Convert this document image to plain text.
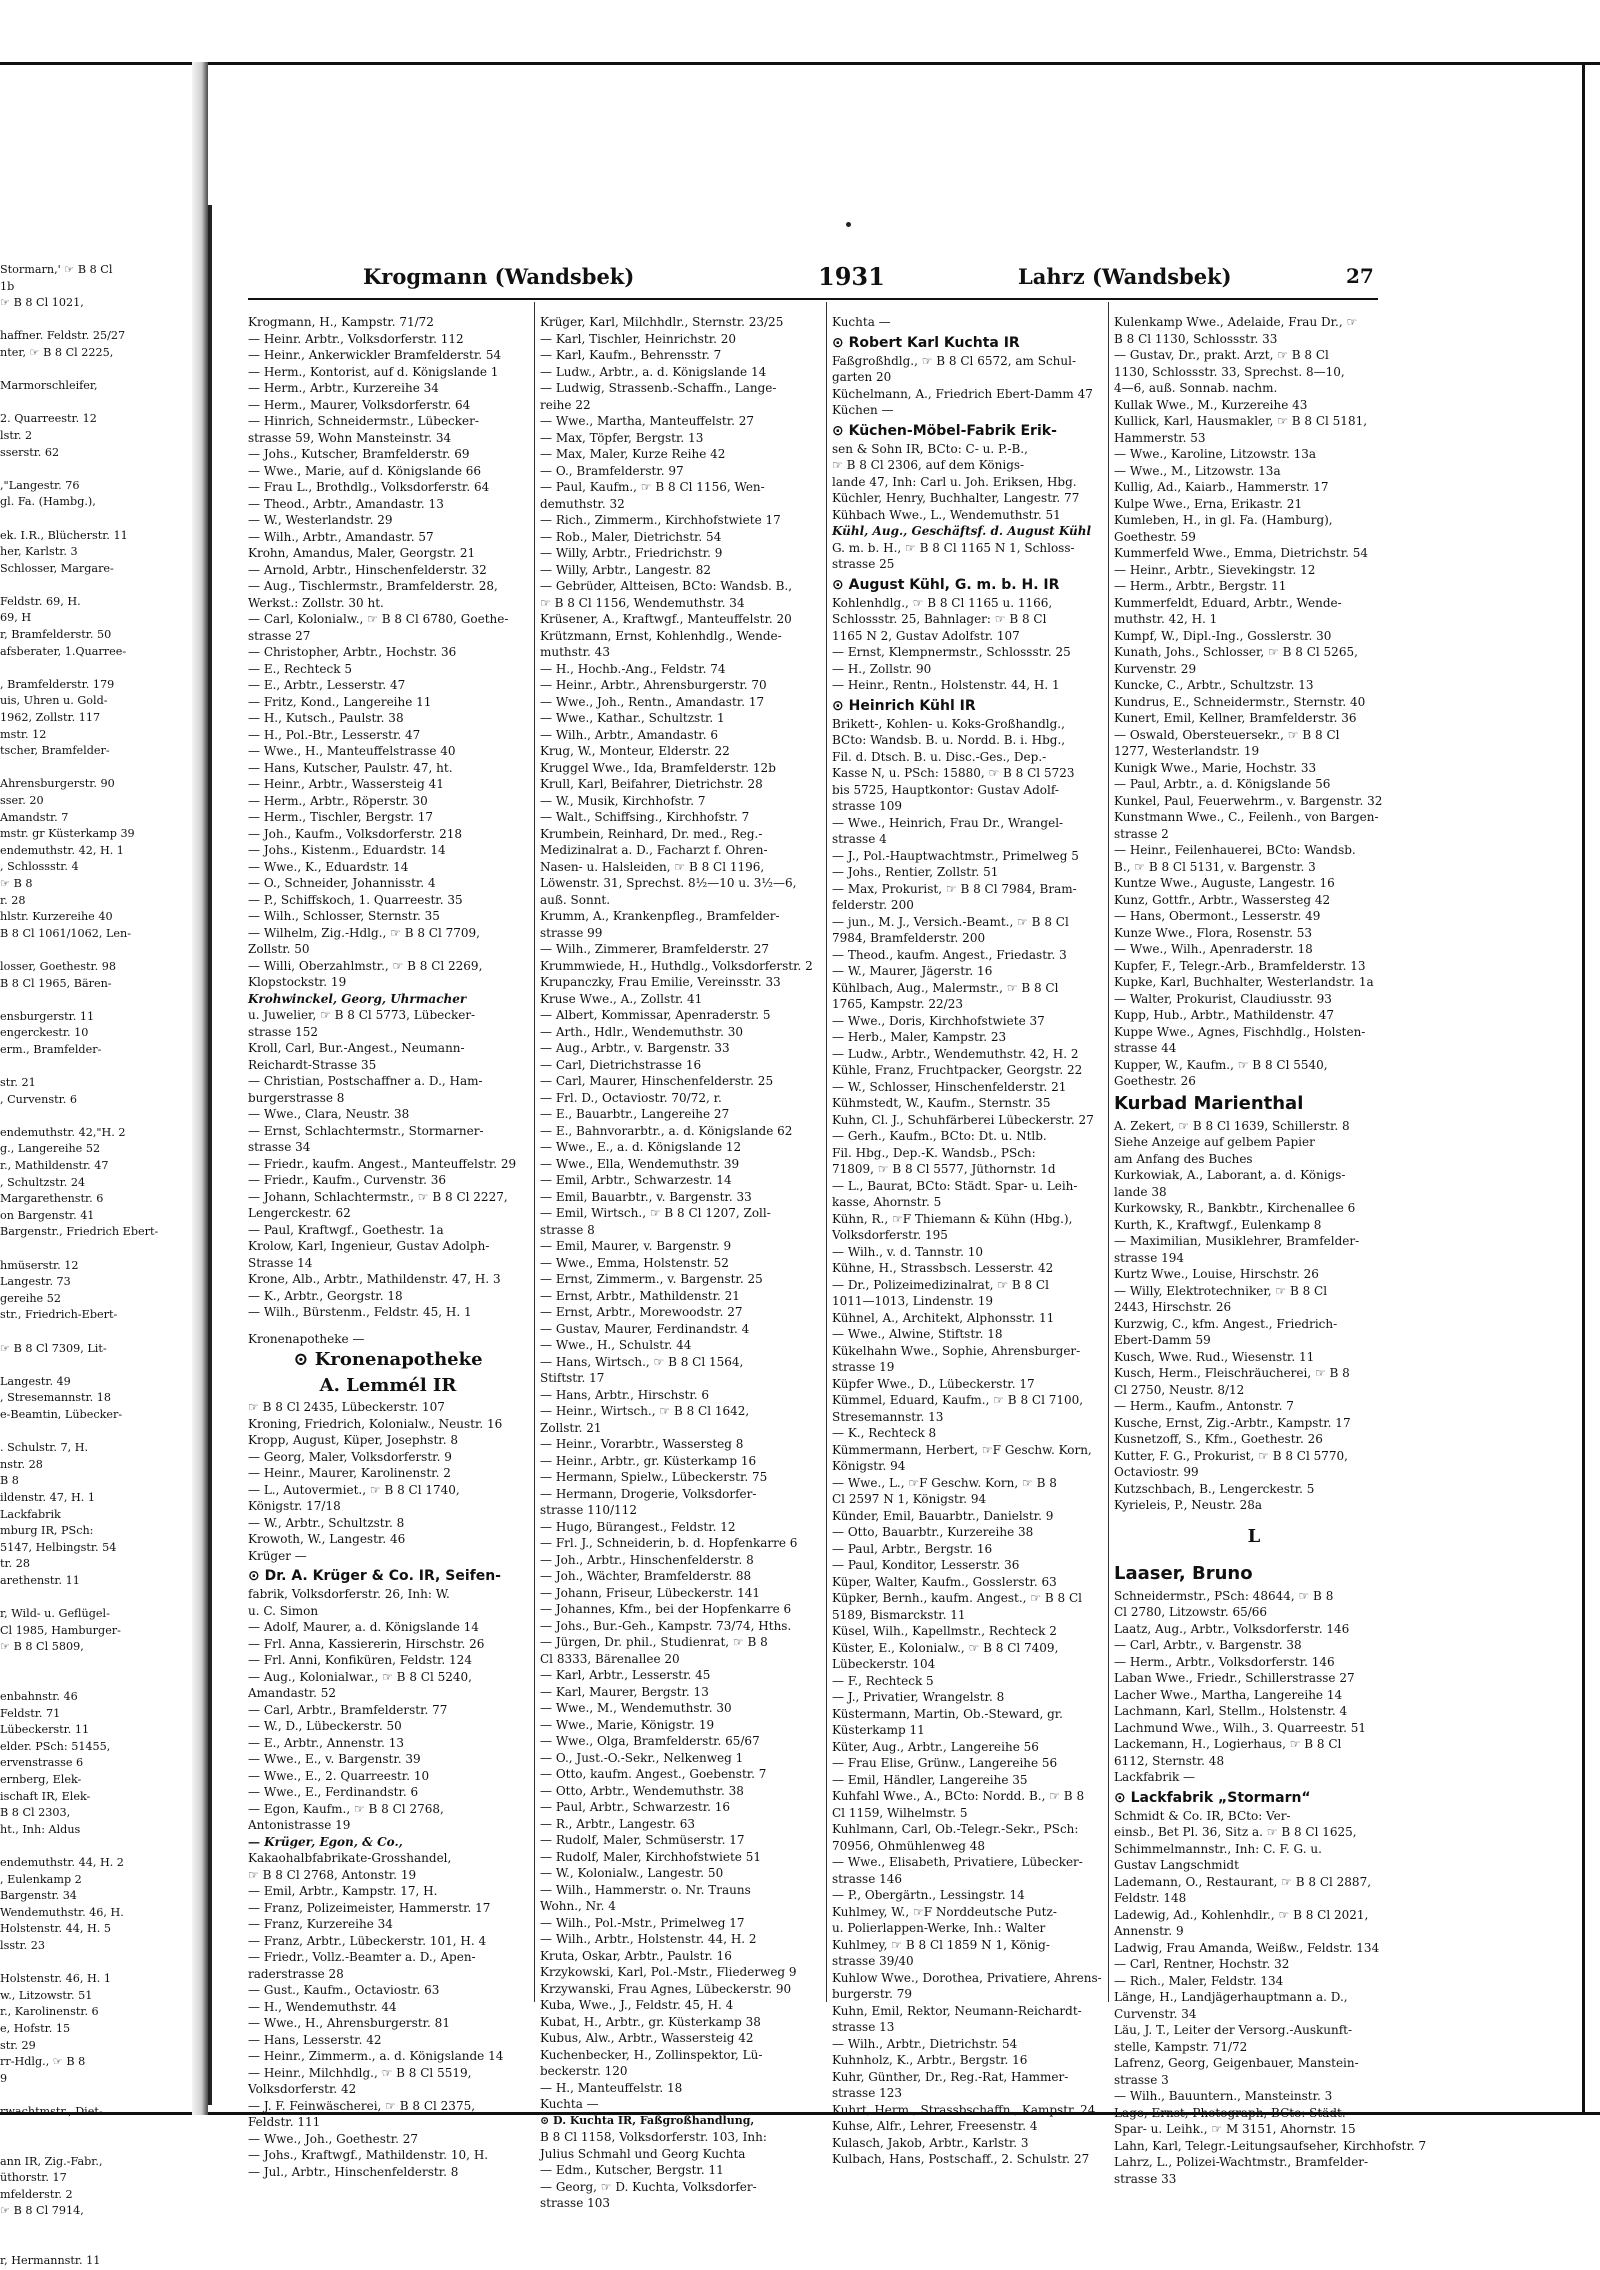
Stormarn,' ☞ B 8 Cl
1b
☞ B 8 Cl 1021,

haffner. Feldstr. 25/27
nter, ☞ B 8 Cl 2225,

Marmorschleifer,

2. Quarreestr. 12
lstr. 2
sserstr. 62

,"Langestr. 76
gl. Fa. (Hambg.),

ek. I.R., Blücherstr. 11
her, Karlstr. 3
Schlosser, Margare-

Feldstr. 69, H.
69, H
r, Bramfelderstr. 50
afsberater, 1.Quarree-

, Bramfelderstr. 179
uis, Uhren u. Gold-
1962, Zollstr. 117
mstr. 12
tscher, Bramfelder-

Ahrensburgerstr. 90
sser. 20
Amandstr. 7
mstr. gr Küsterkamp 39
endemuthstr. 42, H. 1
, Schlossstr. 4
☞ B 8
r. 28
hlstr. Kurzereihe 40
B 8 Cl 1061/1062, Len-

losser, Goethestr. 98
B 8 Cl 1965, Bären-

ensburgerstr. 11
engerckestr. 10
erm., Bramfelder-

str. 21
, Curvenstr. 6

endemuthstr. 42,"H. 2
g., Langereihe 52
r., Mathildenstr. 47
, Schultzstr. 24
Margarethenstr. 6
on Bargenstr. 41
Bargenstr., Friedrich Ebert-

hmüserstr. 12
Langestr. 73
gereihe 52
str., Friedrich-Ebert-

☞ B 8 Cl 7309, Lit-

Langestr. 49
, Stresemannstr. 18
e-Beamtin, Lübecker-

. Schulstr. 7, H.
nstr. 28
B 8
ildenstr. 47, H. 1
Lackfabrik
mburg IR, PSch:
5147, Helbingstr. 54
tr. 28
arethenstr. 11

r, Wild- u. Geflügel-
Cl 1985, Hamburger-
☞ B 8 Cl 5809,

enbahnstr. 46
Feldstr. 71
Lübeckerstr. 11
elder. PSch: 51455,
ervenstrasse 6
ernberg, Elek-
ischaft IR, Elek-
B 8 Cl 2303,
ht., Inh: Aldus

endemuthstr. 44, H. 2
, Eulenkamp 2
Bargenstr. 34
Wendemuthstr. 46, H.
Holstenstr. 44, H. 5
lsstr. 23

Holstenstr. 46, H. 1
w., Litzowstr. 51
r., Karolinenstr. 6
e, Hofstr. 15
str. 29
rr-Hdlg., ☞ B 8
9

rwachtmstr., Diet-

ann IR, Zig.-Fabr.,
üthorstr. 17
mfelderstr. 2
☞ B 8 Cl 7914,

r, Hermannstr. 11
Krogmann (Wandsbek)	1931	Lahrz (Wandsbek)	27
Krogmann, H., Kampstr. 71/72
— Heinr. Arbtr., Volksdorferstr. 112
— Heinr., Ankerwickler Bramfelderstr. 54
— Herm., Kontorist, auf d. Königslande 1
— Herm., Arbtr., Kurzereihe 34
— Herm., Maurer, Volksdorferstr. 64
— Hinrich, Schneidermstr., Lübecker-
strasse 59, Wohn Mansteinstr. 34
— Johs., Kutscher, Bramfelderstr. 69
— Wwe., Marie, auf d. Königslande 66
— Frau L., Brothdlg., Volksdorferstr. 64
— Theod., Arbtr., Amandastr. 13
— W., Westerlandstr. 29
— Wilh., Arbtr., Amandastr. 57
Krohn, Amandus, Maler, Georgstr. 21
— Arnold, Arbtr., Hinschenfelderstr. 32
— Aug., Tischlermstr., Bramfelderstr. 28,
Werkst.: Zollstr. 30 ht.
— Carl, Kolonialw., ☞ B 8 Cl 6780, Goethe-
strasse 27
— Christopher, Arbtr., Hochstr. 36
— E., Rechteck 5
— E., Arbtr., Lesserstr. 47
— Fritz, Kond., Langereihe 11
— H., Kutsch., Paulstr. 38
— H., Pol.-Btr., Lesserstr. 47
— Wwe., H., Manteuffelstrasse 40
— Hans, Kutscher, Paulstr. 47, ht.
— Heinr., Arbtr., Wassersteig 41
— Herm., Arbtr., Röperstr. 30
— Herm., Tischler, Bergstr. 17
— Joh., Kaufm., Volksdorferstr. 218
— Johs., Kistenm., Eduardstr. 14
— Wwe., K., Eduardstr. 14
— O., Schneider, Johannisstr. 4
— P., Schiffskoch, 1. Quarreestr. 35
— Wilh., Schlosser, Sternstr. 35
— Wilhelm, Zig.-Hdlg., ☞ B 8 Cl 7709,
Zollstr. 50
— Willi, Oberzahlmstr., ☞ B 8 Cl 2269,
Klopstockstr. 19
Krohwinckel, Georg, Uhrmacher
u. Juwelier, ☞ B 8 Cl 5773, Lübecker-
strasse 152
Kroll, Carl, Bur.-Angest., Neumann-
Reichardt-Strasse 35
— Christian, Postschaffner a. D., Ham-
burgerstrasse 8
— Wwe., Clara, Neustr. 38
— Ernst, Schlachtermstr., Stormarner-
strasse 34
— Friedr., kaufm. Angest., Manteuffelstr. 29
— Friedr., Kaufm., Curvenstr. 36
— Johann, Schlachtermstr., ☞ B 8 Cl 2227,
Lengerckestr. 62
— Paul, Kraftwgf., Goethestr. 1a
Krolow, Karl, Ingenieur, Gustav Adolph-
Strasse 14
Krone, Alb., Arbtr., Mathildenstr. 47, H. 3
— K., Arbtr., Georgstr. 18
— Wilh., Bürstenm., Feldstr. 45, H. 1
Kronenapotheke —
⊙ Kronenapotheke
A. Lemmél IR
☞ B 8 Cl 2435, Lübeckerstr. 107
Kroning, Friedrich, Kolonialw., Neustr. 16
Kropp, August, Küper, Josephstr. 8
— Georg, Maler, Volksdorferstr. 9
— Heinr., Maurer, Karolinenstr. 2
— L., Autovermiet., ☞ B 8 Cl 1740,
Königstr. 17/18
— W., Arbtr., Schultzstr. 8
Krowoth, W., Langestr. 46
Krüger —
⊙ Dr. A. Krüger & Co. IR, Seifen-
fabrik, Volksdorferstr. 26, Inh: W.
u. C. Simon
— Adolf, Maurer, a. d. Königslande 14
— Frl. Anna, Kassiererin, Hirschstr. 26
— Frl. Anni, Konfiküren, Feldstr. 124
— Aug., Kolonialwar., ☞ B 8 Cl 5240,
Amandastr. 52
— Carl, Arbtr., Bramfelderstr. 77
— W., D., Lübeckerstr. 50
— E., Arbtr., Annenstr. 13
— Wwe., E., v. Bargenstr. 39
— Wwe., E., 2. Quarreestr. 10
— Wwe., E., Ferdinandstr. 6
— Egon, Kaufm., ☞ B 8 Cl 2768,
Antonistrasse 19
— Krüger, Egon, & Co.,
Kakaohalbfabrikate-Grosshandel,
☞ B 8 Cl 2768, Antonstr. 19
— Emil, Arbtr., Kampstr. 17, H.
— Franz, Polizeimeister, Hammerstr. 17
— Franz, Kurzereihe 34
— Franz, Arbtr., Lübeckerstr. 101, H. 4
— Friedr., Vollz.-Beamter a. D., Apen-
raderstrasse 28
— Gust., Kaufm., Octaviostr. 63
— H., Wendemuthstr. 44
— Wwe., H., Ahrensburgerstr. 81
— Hans, Lesserstr. 42
— Heinr., Zimmerm., a. d. Königslande 14
— Heinr., Milchhdlg., ☞ B 8 Cl 5519,
Volksdorferstr. 42
— J. F. Feinwäscherei, ☞ B 8 Cl 2375,
Feldstr. 111
— Wwe., Joh., Goethestr. 27
— Johs., Kraftwgf., Mathildenstr. 10, H.
— Jul., Arbtr., Hinschenfelderstr. 8
Krüger, Karl, Milchhdlr., Sternstr. 23/25
— Karl, Tischler, Heinrichstr. 20
— Karl, Kaufm., Behrensstr. 7
— Ludw., Arbtr., a. d. Königslande 14
— Ludwig, Strassenb.-Schaffn., Lange-
reihe 22
— Wwe., Martha, Manteuffelstr. 27
— Max, Töpfer, Bergstr. 13
— Max, Maler, Kurze Reihe 42
— O., Bramfelderstr. 97
— Paul, Kaufm., ☞ B 8 Cl 1156, Wen-
demuthstr. 32
— Rich., Zimmerm., Kirchhofstwiete 17
— Rob., Maler, Dietrichstr. 54
— Willy, Arbtr., Friedrichstr. 9
— Willy, Arbtr., Langestr. 82
— Gebrüder, Altteisen, BCto: Wandsb. B.,
☞ B 8 Cl 1156, Wendemuthstr. 34
Krüsener, A., Kraftwgf., Manteuffelstr. 20
Krützmann, Ernst, Kohlenhdlg., Wende-
muthstr. 43
— H., Hochb.-Ang., Feldstr. 74
— Heinr., Arbtr., Ahrensburgerstr. 70
— Wwe., Joh., Rentn., Amandastr. 17
— Wwe., Kathar., Schultzstr. 1
— Wilh., Arbtr., Amandastr. 6
Krug, W., Monteur, Elderstr. 22
Kruggel Wwe., Ida, Bramfelderstr. 12b
Krull, Karl, Beifahrer, Dietrichstr. 28
— W., Musik, Kirchhofstr. 7
— Walt., Schiffsing., Kirchhofstr. 7
Krumbein, Reinhard, Dr. med., Reg.-
Medizinalrat a. D., Facharzt f. Ohren-
Nasen- u. Halsleiden, ☞ B 8 Cl 1196,
Löwenstr. 31, Sprechst. 8½—10 u. 3½—6,
auß. Sonnt.
Krumm, A., Krankenpfleg., Bramfelder-
strasse 99
— Wilh., Zimmerer, Bramfelderstr. 27
Krummwiede, H., Huthdlg., Volksdorferstr. 2
Krupanczky, Frau Emilie, Vereinsstr. 33
Kruse Wwe., A., Zollstr. 41
— Albert, Kommissar, Apenraderstr. 5
— Arth., Hdlr., Wendemuthstr. 30
— Aug., Arbtr., v. Bargenstr. 33
— Carl, Dietrichstrasse 16
— Carl, Maurer, Hinschenfelderstr. 25
— Frl. D., Octaviostr. 70/72, r.
— E., Bauarbtr., Langereihe 27
— E., Bahnvorarbtr., a. d. Königslande 62
— Wwe., E., a. d. Königslande 12
— Wwe., Ella, Wendemuthstr. 39
— Emil, Arbtr., Schwarzestr. 14
— Emil, Bauarbtr., v. Bargenstr. 33
— Emil, Wirtsch., ☞ B 8 Cl 1207, Zoll-
strasse 8
— Emil, Maurer, v. Bargenstr. 9
— Wwe., Emma, Holstenstr. 52
— Ernst, Zimmerm., v. Bargenstr. 25
— Ernst, Arbtr., Mathildenstr. 21
— Ernst, Arbtr., Morewoodstr. 27
— Gustav, Maurer, Ferdinandstr. 4
— Wwe., H., Schulstr. 44
— Hans, Wirtsch., ☞ B 8 Cl 1564,
Stiftstr. 17
— Hans, Arbtr., Hirschstr. 6
— Heinr., Wirtsch., ☞ B 8 Cl 1642,
Zollstr. 21
— Heinr., Vorarbtr., Wassersteg 8
— Heinr., Arbtr., gr. Küsterkamp 16
— Hermann, Spielw., Lübeckerstr. 75
— Hermann, Drogerie, Volksdorfer-
strasse 110/112
— Hugo, Bürangest., Feldstr. 12
— Frl. J., Schneiderin, b. d. Hopfenkarre 6
— Joh., Arbtr., Hinschenfelderstr. 8
— Joh., Wächter, Bramfelderstr. 88
— Johann, Friseur, Lübeckerstr. 141
— Johannes, Kfm., bei der Hopfenkarre 6
— Johs., Bur.-Geh., Kampstr. 73/74, Hths.
— Jürgen, Dr. phil., Studienrat, ☞ B 8
Cl 8333, Bärenallee 20
— Karl, Arbtr., Lesserstr. 45
— Karl, Maurer, Bergstr. 13
— Wwe., M., Wendemuthstr. 30
— Wwe., Marie, Königstr. 19
— Wwe., Olga, Bramfelderstr. 65/67
— O., Just.-O.-Sekr., Nelkenweg 1
— Otto, kaufm. Angest., Goebenstr. 7
— Otto, Arbtr., Wendemuthstr. 38
— Paul, Arbtr., Schwarzestr. 16
— R., Arbtr., Langestr. 63
— Rudolf, Maler, Schmüserstr. 17
— Rudolf, Maler, Kirchhofstwiete 51
— W., Kolonialw., Langestr. 50
— Wilh., Hammerstr. o. Nr. Trauns
Wohn., Nr. 4
— Wilh., Pol.-Mstr., Primelweg 17
— Wilh., Arbtr., Holstenstr. 44, H. 2
Kruta, Oskar, Arbtr., Paulstr. 16
Krzykowski, Karl, Pol.-Mstr., Fliederweg 9
Krzywanski, Frau Agnes, Lübeckerstr. 90
Kuba, Wwe., J., Feldstr. 45, H. 4
Kubat, H., Arbtr., gr. Küsterkamp 38
Kubus, Alw., Arbtr., Wassersteig 42
Kuchenbecker, H., Zollinspektor, Lü-
beckerstr. 120
— H., Manteuffelstr. 18
Kuchta —
⊙ D. Kuchta IR, Faßgroßhandlung,
B 8 Cl 1158, Volksdorferstr. 103, Inh:
Julius Schmahl und Georg Kuchta
— Edm., Kutscher, Bergstr. 11
— Georg, ☞ D. Kuchta, Volksdorfer-
strasse 103
Kuchta —
⊙ Robert Karl Kuchta IR
Faßgroßhdlg., ☞ B 8 Cl 6572, am Schul-
garten 20
Küchelmann, A., Friedrich Ebert-Damm 47
Küchen —
⊙ Küchen-Möbel-Fabrik Erik-
sen & Sohn IR, BCto: C- u. P.-B.,
☞ B 8 Cl 2306, auf dem Königs-
lande 47, Inh: Carl u. Joh. Eriksen, Hbg.
Küchler, Henry, Buchhalter, Langestr. 77
Kühbach Wwe., L., Wendemuthstr. 51
Kühl, Aug., Geschäftsf. d. August Kühl
G. m. b. H., ☞ B 8 Cl 1165 N 1, Schloss-
strasse 25
⊙ August Kühl, G. m. b. H. IR
Kohlenhdlg., ☞ B 8 Cl 1165 u. 1166,
Schlossstr. 25, Bahnlager: ☞ B 8 Cl
1165 N 2, Gustav Adolfstr. 107
— Ernst, Klempnermstr., Schlossstr. 25
— H., Zollstr. 90
— Heinr., Rentn., Holstenstr. 44, H. 1
⊙ Heinrich Kühl IR
Brikett-, Kohlen- u. Koks-Großhandlg.,
BCto: Wandsb. B. u. Nordd. B. i. Hbg.,
Fil. d. Dtsch. B. u. Disc.-Ges., Dep.-
Kasse N, u. PSch: 15880, ☞ B 8 Cl 5723
bis 5725, Hauptkontor: Gustav Adolf-
strasse 109
— Wwe., Heinrich, Frau Dr., Wrangel-
strasse 4
— J., Pol.-Hauptwachtmstr., Primelweg 5
— Johs., Rentier, Zollstr. 51
— Max, Prokurist, ☞ B 8 Cl 7984, Bram-
felderstr. 200
— jun., M. J., Versich.-Beamt., ☞ B 8 Cl
7984, Bramfelderstr. 200
— Theod., kaufm. Angest., Friedastr. 3
— W., Maurer, Jägerstr. 16
Kühlbach, Aug., Malermstr., ☞ B 8 Cl
1765, Kampstr. 22/23
— Wwe., Doris, Kirchhofstwiete 37
— Herb., Maler, Kampstr. 23
— Ludw., Arbtr., Wendemuthstr. 42, H. 2
Kühle, Franz, Fruchtpacker, Georgstr. 22
— W., Schlosser, Hinschenfelderstr. 21
Kühmstedt, W., Kaufm., Sternstr. 35
Kuhn, Cl. J., Schuhfärberei Lübeckerstr. 27
— Gerh., Kaufm., BCto: Dt. u. Ntlb.
Fil. Hbg., Dep.-K. Wandsb., PSch:
71809, ☞ B 8 Cl 5577, Jüthornstr. 1d
— L., Baurat, BCto: Städt. Spar- u. Leih-
kasse, Ahornstr. 5
Kühn, R., ☞F Thiemann & Kühn (Hbg.),
Volksdorferstr. 195
— Wilh., v. d. Tannstr. 10
Kühne, H., Strassbsch. Lesserstr. 42
— Dr., Polizeimedizinalrat, ☞ B 8 Cl
1011—1013, Lindenstr. 19
Kühnel, A., Architekt, Alphonsstr. 11
— Wwe., Alwine, Stiftstr. 18
Kükelhahn Wwe., Sophie, Ahrensburger-
strasse 19
Küpfer Wwe., D., Lübeckerstr. 17
Kümmel, Eduard, Kaufm., ☞ B 8 Cl 7100,
Stresemannstr. 13
— K., Rechteck 8
Kümmermann, Herbert, ☞F Geschw. Korn,
Königstr. 94
— Wwe., L., ☞F Geschw. Korn, ☞ B 8
Cl 2597 N 1, Königstr. 94
Künder, Emil, Bauarbtr., Danielstr. 9
— Otto, Bauarbtr., Kurzereihe 38
— Paul, Arbtr., Bergstr. 16
— Paul, Konditor, Lesserstr. 36
Küper, Walter, Kaufm., Gosslerstr. 63
Küpker, Bernh., kaufm. Angest., ☞ B 8 Cl
5189, Bismarckstr. 11
Küsel, Wilh., Kapellmstr., Rechteck 2
Küster, E., Kolonialw., ☞ B 8 Cl 7409,
Lübeckerstr. 104
— F., Rechteck 5
— J., Privatier, Wrangelstr. 8
Küstermann, Martin, Ob.-Steward, gr.
Küsterkamp 11
Küter, Aug., Arbtr., Langereihe 56
— Frau Elise, Grünw., Langereihe 56
— Emil, Händler, Langereihe 35
Kuhfahl Wwe., A., BCto: Nordd. B., ☞ B 8
Cl 1159, Wilhelmstr. 5
Kuhlmann, Carl, Ob.-Telegr.-Sekr., PSch:
70956, Ohmühlenweg 48
— Wwe., Elisabeth, Privatiere, Lübecker-
strasse 146
— P., Obergärtn., Lessingstr. 14
Kuhlmey, W., ☞F Norddeutsche Putz-
u. Polierlappen-Werke, Inh.: Walter
Kuhlmey, ☞ B 8 Cl 1859 N 1, König-
strasse 39/40
Kuhlow Wwe., Dorothea, Privatiere, Ahrens-
burgerstr. 79
Kuhn, Emil, Rektor, Neumann-Reichardt-
strasse 13
— Wilh., Arbtr., Dietrichstr. 54
Kuhnholz, K., Arbtr., Bergstr. 16
Kuhr, Günther, Dr., Reg.-Rat, Hammer-
strasse 123
Kuhrt, Herm., Strassbschaffn., Kampstr. 24
Kuhse, Alfr., Lehrer, Freesenstr. 4
Kulasch, Jakob, Arbtr., Karlstr. 3
Kulbach, Hans, Postschaff., 2. Schulstr. 27
Kulenkamp Wwe., Adelaide, Frau Dr., ☞
B 8 Cl 1130, Schlossstr. 33
— Gustav, Dr., prakt. Arzt, ☞ B 8 Cl
1130, Schlossstr. 33, Sprechst. 8—10,
4—6, auß. Sonnab. nachm.
Kullak Wwe., M., Kurzereihe 43
Kullick, Karl, Hausmakler, ☞ B 8 Cl 5181,
Hammerstr. 53
— Wwe., Karoline, Litzowstr. 13a
— Wwe., M., Litzowstr. 13a
Kullig, Ad., Kaiarb., Hammerstr. 17
Kulpe Wwe., Erna, Erikastr. 21
Kumleben, H., in gl. Fa. (Hamburg),
Goethestr. 59
Kummerfeld Wwe., Emma, Dietrichstr. 54
— Heinr., Arbtr., Sievekingstr. 12
— Herm., Arbtr., Bergstr. 11
Kummerfeldt, Eduard, Arbtr., Wende-
muthstr. 42, H. 1
Kumpf, W., Dipl.-Ing., Gosslerstr. 30
Kunath, Johs., Schlosser, ☞ B 8 Cl 5265,
Kurvenstr. 29
Kuncke, C., Arbtr., Schultzstr. 13
Kundrus, E., Schneidermstr., Sternstr. 40
Kunert, Emil, Kellner, Bramfelderstr. 36
— Oswald, Obersteuersekr., ☞ B 8 Cl
1277, Westerlandstr. 19
Kunigk Wwe., Marie, Hochstr. 33
— Paul, Arbtr., a. d. Königslande 56
Kunkel, Paul, Feuerwehrm., v. Bargenstr. 32
Kunstmann Wwe., C., Feilenh., von Bargen-
strasse 2
— Heinr., Feilenhauerei, BCto: Wandsb.
B., ☞ B 8 Cl 5131, v. Bargenstr. 3
Kuntze Wwe., Auguste, Langestr. 16
Kunz, Gottfr., Arbtr., Wassersteg 42
— Hans, Obermont., Lesserstr. 49
Kunze Wwe., Flora, Rosenstr. 53
— Wwe., Wilh., Apenraderstr. 18
Kupfer, F., Telegr.-Arb., Bramfelderstr. 13
Kupke, Karl, Buchhalter, Westerlandstr. 1a
— Walter, Prokurist, Claudiusstr. 93
Kupp, Hub., Arbtr., Mathildenstr. 47
Kuppe Wwe., Agnes, Fischhdlg., Holsten-
strasse 44
Kupper, W., Kaufm., ☞ B 8 Cl 5540,
Goethestr. 26
Kurbad Marienthal
A. Zekert, ☞ B 8 Cl 1639, Schillerstr. 8
Siehe Anzeige auf gelbem Papier
am Anfang des Buches
Kurkowiak, A., Laborant, a. d. Königs-
lande 38
Kurkowsky, R., Bankbtr., Kirchenallee 6
Kurth, K., Kraftwgf., Eulenkamp 8
— Maximilian, Musiklehrer, Bramfelder-
strasse 194
Kurtz Wwe., Louise, Hirschstr. 26
— Willy, Elektrotechniker, ☞ B 8 Cl
2443, Hirschstr. 26
Kurzwig, C., kfm. Angest., Friedrich-
Ebert-Damm 59
Kusch, Wwe. Rud., Wiesenstr. 11
Kusch, Herm., Fleischräucherei, ☞ B 8
Cl 2750, Neustr. 8/12
— Herm., Kaufm., Antonstr. 7
Kusche, Ernst, Zig.-Arbtr., Kampstr. 17
Kusnetzoff, S., Kfm., Goethestr. 26
Kutter, F. G., Prokurist, ☞ B 8 Cl 5770,
Octaviostr. 99
Kutzschbach, B., Lengerckestr. 5
Kyrieleis, P., Neustr. 28a
L
Laaser, Bruno
Schneidermstr., PSch: 48644, ☞ B 8
Cl 2780, Litzowstr. 65/66
Laatz, Aug., Arbtr., Volksdorferstr. 146
— Carl, Arbtr., v. Bargenstr. 38
— Herm., Arbtr., Volksdorferstr. 146
Laban Wwe., Friedr., Schillerstrasse 27
Lacher Wwe., Martha, Langereihe 14
Lachmann, Karl, Stellm., Holstenstr. 4
Lachmund Wwe., Wilh., 3. Quarreestr. 51
Lackemann, H., Logierhaus, ☞ B 8 Cl
6112, Sternstr. 48
Lackfabrik —
⊙ Lackfabrik „Stormarn“
Schmidt & Co. IR, BCto: Ver-
einsb., Bet Pl. 36, Sitz a. ☞ B 8 Cl 1625,
Schimmelmannstr., Inh: C. F. G. u.
Gustav Langschmidt
Lademann, O., Restaurant, ☞ B 8 Cl 2887,
Feldstr. 148
Ladewig, Ad., Kohlenhdlr., ☞ B 8 Cl 2021,
Annenstr. 9
Ladwig, Frau Amanda, Weißw., Feldstr. 134
— Carl, Rentner, Hochstr. 32
— Rich., Maler, Feldstr. 134
Länge, H., Landjägerhauptmann a. D.,
Curvenstr. 34
Läu, J. T., Leiter der Versorg.-Auskunft-
stelle, Kampstr. 71/72
Lafrenz, Georg, Geigenbauer, Manstein-
strasse 3
— Wilh., Bauuntern., Mansteinstr. 3
Lage, Ernst, Photograph, BCto: Städt.
Spar- u. Leihk., ☞ M 3151, Ahornstr. 15
Lahn, Karl, Telegr.-Leitungsaufseher, Kirchhofstr. 7
Lahrz, L., Polizei-Wachtmstr., Bramfelder-
strasse 33
